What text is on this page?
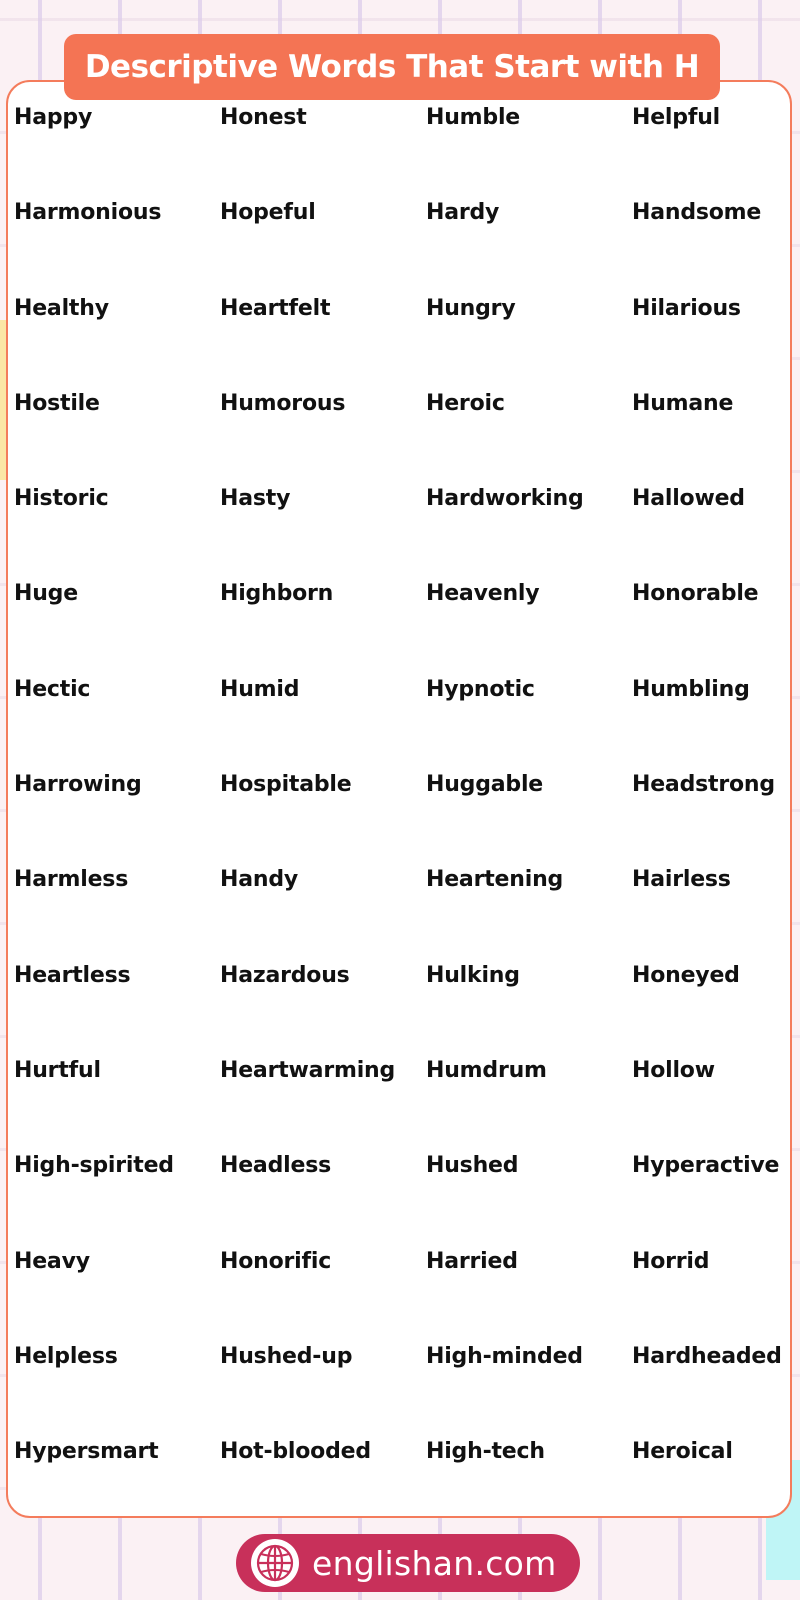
Descriptive Words That Start with H
Happy	Honest	Humble	Helpful
Harmonious	Hopeful	Hardy	Handsome
Healthy	Heartfelt	Hungry	Hilarious
Hostile	Humorous	Heroic	Humane
Historic	Hasty	Hardworking	Hallowed
Huge	Highborn	Heavenly	Honorable
Hectic	Humid	Hypnotic	Humbling
Harrowing	Hospitable	Huggable	Headstrong
Harmless	Handy	Heartening	Hairless
Heartless	Hazardous	Hulking	Honeyed
Hurtful	Heartwarming	Humdrum	Hollow
High-spirited	Headless	Hushed	Hyperactive
Heavy	Honorific	Harried	Horrid
Helpless	Hushed-up	High-minded	Hardheaded
Hypersmart	Hot-blooded	High-tech	Heroical
englishan.com
